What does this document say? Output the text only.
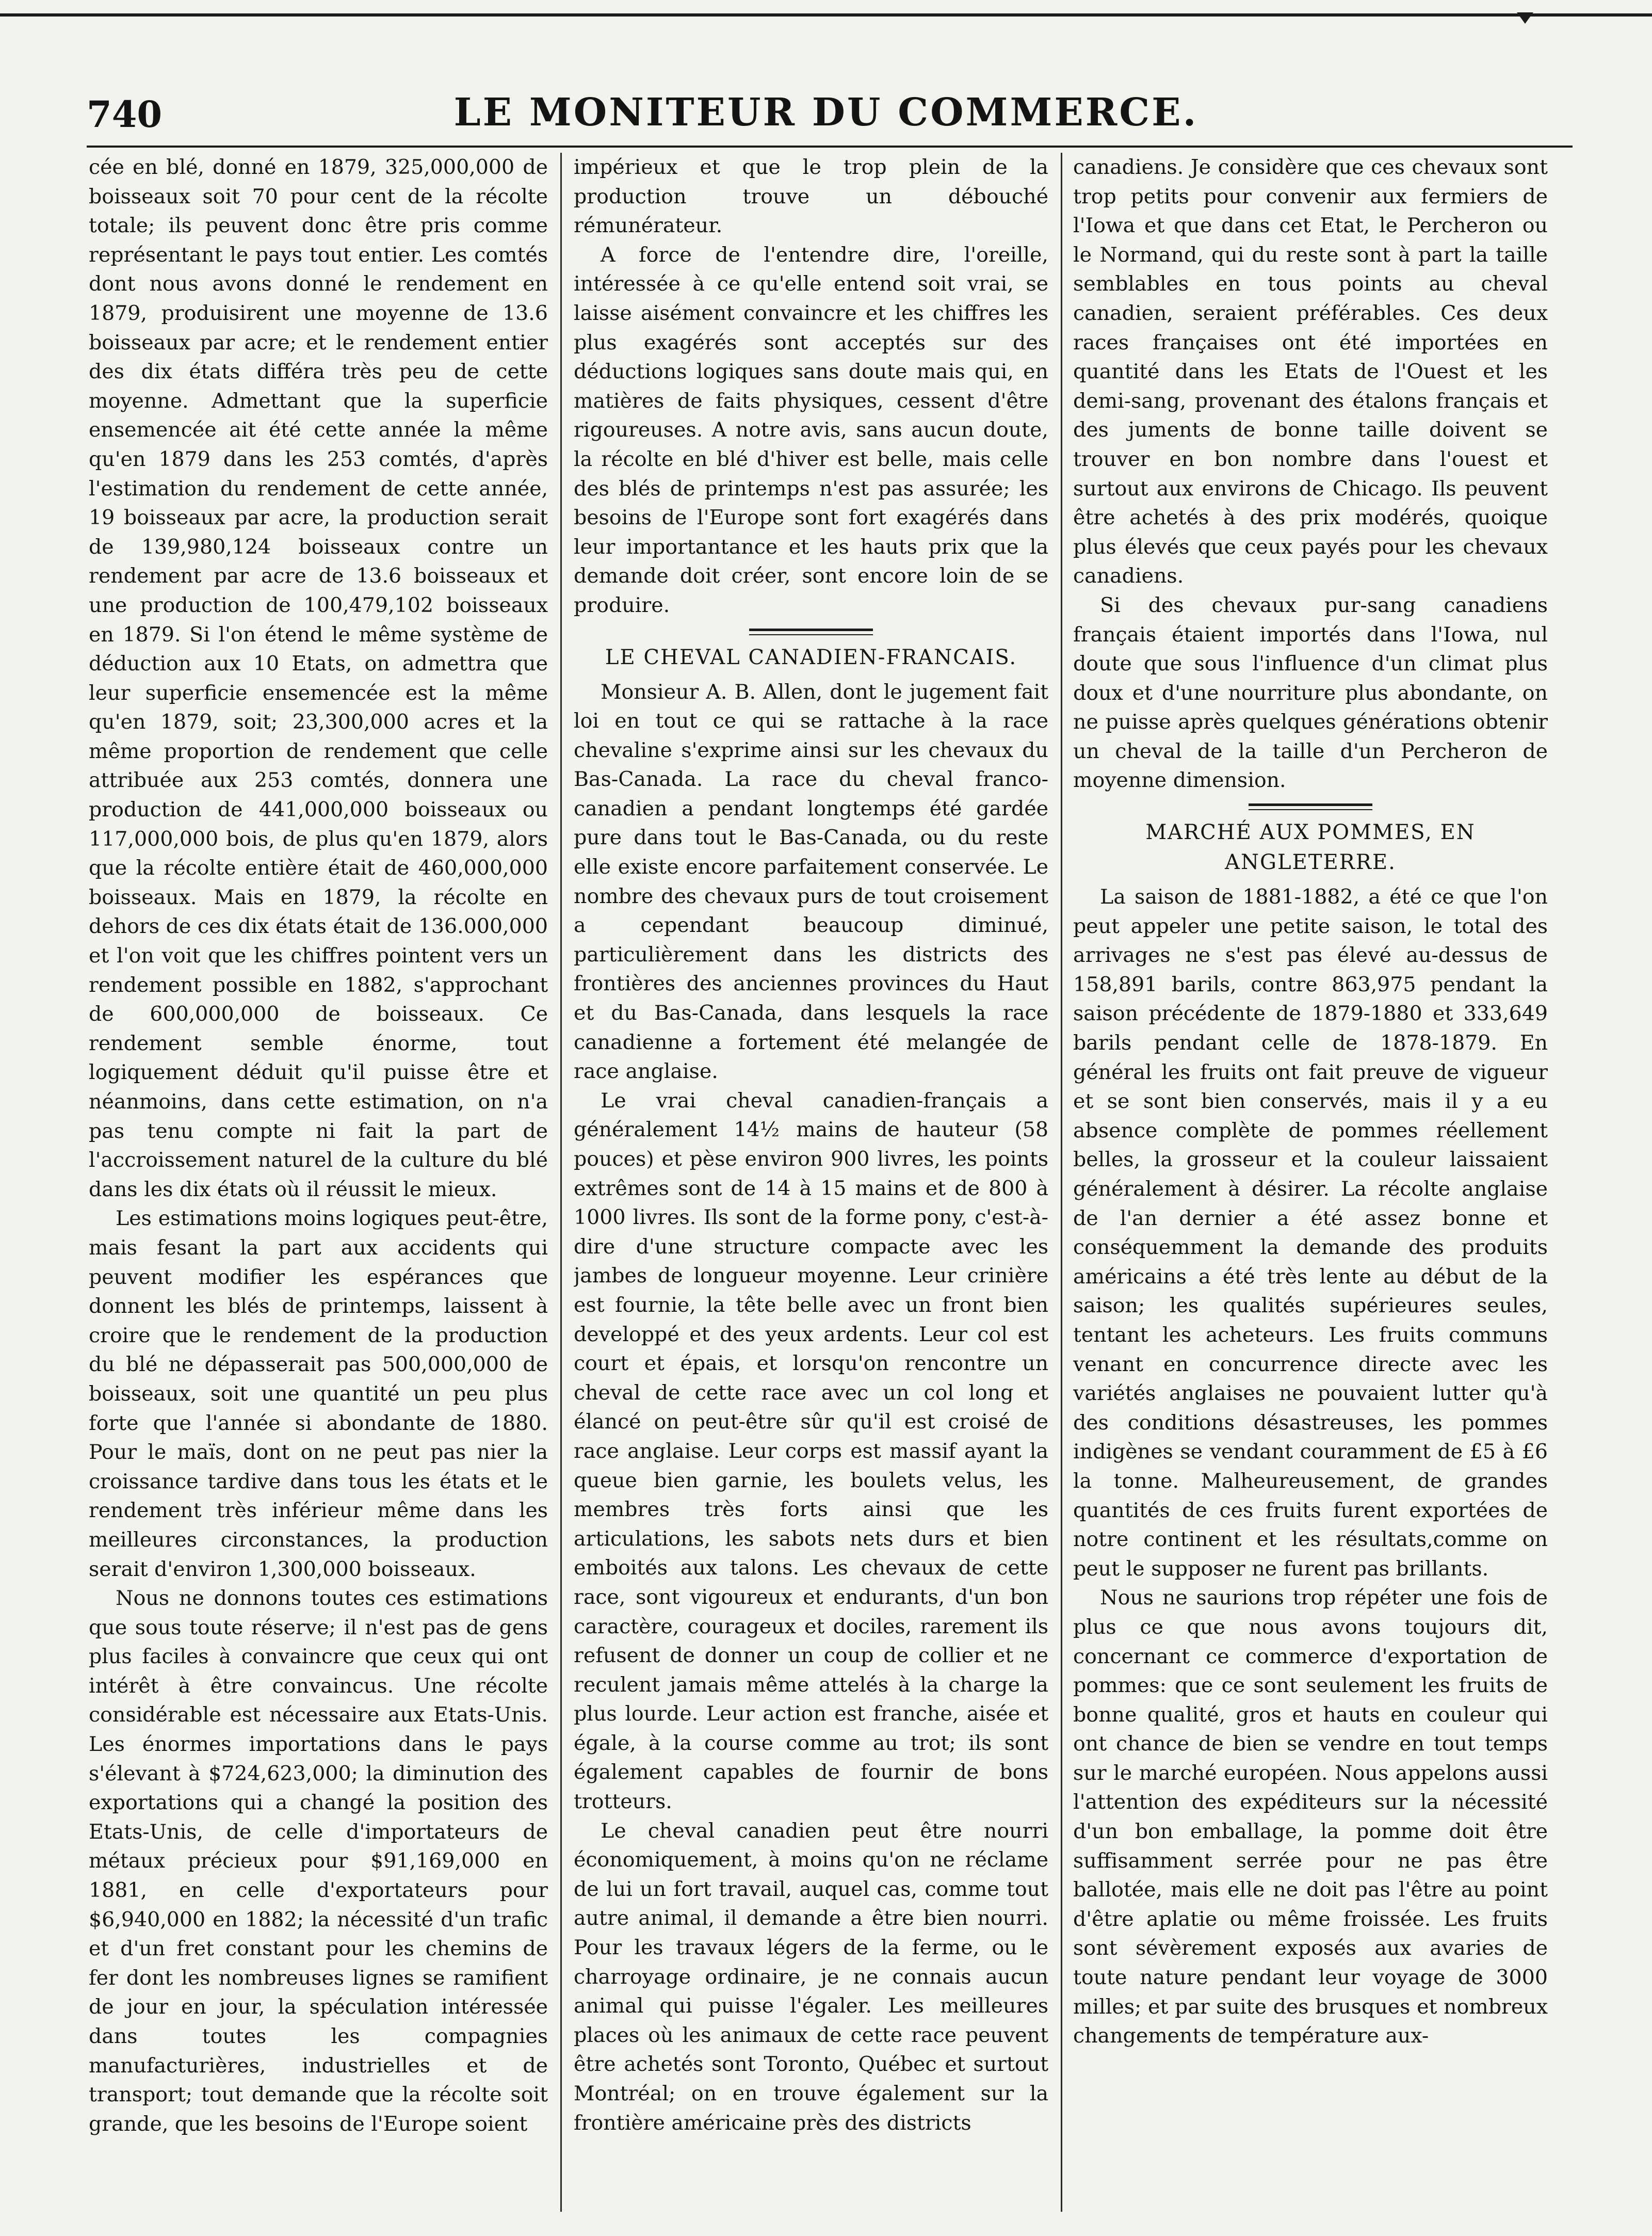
740	LE MONITEUR DU COMMERCE.

cée en blé, donné en 1879, 325,000,000 de boisseaux soit 70 pour cent de la récolte totale; ils peuvent donc être pris comme représentant le pays tout entier. Les comtés dont nous avons donné le rendement en 1879, produisirent une moyenne de 13.6 boisseaux par acre; et le rendement entier des dix états différa très peu de cette moyenne. Admettant que la superficie ensemencée ait été cette année la même qu'en 1879 dans les 253 comtés, d'après l'estimation du rendement de cette année, 19 boisseaux par acre, la production serait de 139,980,124 boisseaux contre un rendement par acre de 13.6 boisseaux et une production de 100,479,102 boisseaux en 1879. Si l'on étend le même système de déduction aux 10 Etats, on admettra que leur superficie ensemencée est la même qu'en 1879, soit; 23,300,000 acres et la même proportion de rendement que celle attribuée aux 253 comtés, donnera une production de 441,000,000 boisseaux ou 117,000,000 bois, de plus qu'en 1879, alors que la récolte entière était de 460,000,000 boisseaux. Mais en 1879, la récolte en dehors de ces dix états était de 136.000,000 et l'on voit que les chiffres pointent vers un rendement possible en 1882, s'approchant de 600,000,000 de boisseaux. Ce rendement semble énorme, tout logiquement déduit qu'il puisse être et néanmoins, dans cette estimation, on n'a pas tenu compte ni fait la part de l'accroissement naturel de la culture du blé dans les dix états où il réussit le mieux.

Les estimations moins logiques peut-être, mais fesant la part aux accidents qui peuvent modifier les espérances que donnent les blés de printemps, laissent à croire que le rendement de la production du blé ne dépasserait pas 500,000,000 de boisseaux, soit une quantité un peu plus forte que l'année si abondante de 1880. Pour le maïs, dont on ne peut pas nier la croissance tardive dans tous les états et le rendement très inférieur même dans les meilleures circonstances, la production serait d'environ 1,300,000 boisseaux.

Nous ne donnons toutes ces estimations que sous toute réserve; il n'est pas de gens plus faciles à convaincre que ceux qui ont intérêt à être convaincus. Une récolte considérable est nécessaire aux Etats-Unis. Les énormes importations dans le pays s'élevant à $724,623,000; la diminution des exportations qui a changé la position des Etats-Unis, de celle d'importateurs de métaux précieux pour $91,169,000 en 1881, en celle d'exportateurs pour $6,940,000 en 1882; la nécessité d'un trafic et d'un fret constant pour les chemins de fer dont les nombreuses lignes se ramifient de jour en jour, la spéculation intéressée dans toutes les compagnies manufacturières, industrielles et de transport; tout demande que la récolte soit grande, que les besoins de l'Europe soient

impérieux et que le trop plein de la production trouve un débouché rémunérateur.

A force de l'entendre dire, l'oreille, intéressée à ce qu'elle entend soit vrai, se laisse aisément convaincre et les chiffres les plus exagérés sont acceptés sur des déductions logiques sans doute mais qui, en matières de faits physiques, cessent d'être rigoureuses. A notre avis, sans aucun doute, la récolte en blé d'hiver est belle, mais celle des blés de printemps n'est pas assurée; les besoins de l'Europe sont fort exagérés dans leur importantance et les hauts prix que la demande doit créer, sont encore loin de se produire.

LE CHEVAL CANADIEN-FRANCAIS.

Monsieur A. B. Allen, dont le jugement fait loi en tout ce qui se rattache à la race chevaline s'exprime ainsi sur les chevaux du Bas-Canada. La race du cheval franco-canadien a pendant longtemps été gardée pure dans tout le Bas-Canada, ou du reste elle existe encore parfaitement conservée. Le nombre des chevaux purs de tout croisement a cependant beaucoup diminué, particulièrement dans les districts des frontières des anciennes provinces du Haut et du Bas-Canada, dans lesquels la race canadienne a fortement été melangée de race anglaise.

Le vrai cheval canadien-français a généralement 14½ mains de hauteur (58 pouces) et pèse environ 900 livres, les points extrêmes sont de 14 à 15 mains et de 800 à 1000 livres. Ils sont de la forme pony, c'est-à-dire d'une structure compacte avec les jambes de longueur moyenne. Leur crinière est fournie, la tête belle avec un front bien developpé et des yeux ardents. Leur col est court et épais, et lorsqu'on rencontre un cheval de cette race avec un col long et élancé on peut-être sûr qu'il est croisé de race anglaise. Leur corps est massif ayant la queue bien garnie, les boulets velus, les membres très forts ainsi que les articulations, les sabots nets durs et bien emboités aux talons. Les chevaux de cette race, sont vigoureux et endurants, d'un bon caractère, courageux et dociles, rarement ils refusent de donner un coup de collier et ne reculent jamais même attelés à la charge la plus lourde. Leur action est franche, aisée et égale, à la course comme au trot; ils sont également capables de fournir de bons trotteurs.

Le cheval canadien peut être nourri économiquement, à moins qu'on ne réclame de lui un fort travail, auquel cas, comme tout autre animal, il demande a être bien nourri. Pour les travaux légers de la ferme, ou le charroyage ordinaire, je ne connais aucun animal qui puisse l'égaler. Les meilleures places où les animaux de cette race peuvent être achetés sont Toronto, Québec et surtout Montréal; on en trouve également sur la frontière américaine près des districts

canadiens. Je considère que ces chevaux sont trop petits pour convenir aux fermiers de l'Iowa et que dans cet Etat, le Percheron ou le Normand, qui du reste sont à part la taille semblables en tous points au cheval canadien, seraient préférables. Ces deux races françaises ont été importées en quantité dans les Etats de l'Ouest et les demi-sang, provenant des étalons français et des juments de bonne taille doivent se trouver en bon nombre dans l'ouest et surtout aux environs de Chicago. Ils peuvent être achetés à des prix modérés, quoique plus élevés que ceux payés pour les chevaux canadiens.

Si des chevaux pur-sang canadiens français étaient importés dans l'Iowa, nul doute que sous l'influence d'un climat plus doux et d'une nourriture plus abondante, on ne puisse après quelques générations obtenir un cheval de la taille d'un Percheron de moyenne dimension.

MARCHÉ AUX POMMES, EN ANGLETERRE.

La saison de 1881-1882, a été ce que l'on peut appeler une petite saison, le total des arrivages ne s'est pas élevé au-dessus de 158,891 barils, contre 863,975 pendant la saison précédente de 1879-1880 et 333,649 barils pendant celle de 1878-1879. En général les fruits ont fait preuve de vigueur et se sont bien conservés, mais il y a eu absence complète de pommes réellement belles, la grosseur et la couleur laissaient généralement à désirer. La récolte anglaise de l'an dernier a été assez bonne et conséquemment la demande des produits américains a été très lente au début de la saison; les qualités supérieures seules, tentant les acheteurs. Les fruits communs venant en concurrence directe avec les variétés anglaises ne pouvaient lutter qu'à des conditions désastreuses, les pommes indigènes se vendant couramment de £5 à £6 la tonne. Malheureusement, de grandes quantités de ces fruits furent exportées de notre continent et les résultats,comme on peut le supposer ne furent pas brillants.

Nous ne saurions trop répéter une fois de plus ce que nous avons toujours dit, concernant ce commerce d'exportation de pommes: que ce sont seulement les fruits de bonne qualité, gros et hauts en couleur qui ont chance de bien se vendre en tout temps sur le marché européen. Nous appelons aussi l'attention des expéditeurs sur la nécessité d'un bon emballage, la pomme doit être suffisamment serrée pour ne pas être ballotée, mais elle ne doit pas l'être au point d'être aplatie ou même froissée. Les fruits sont sévèrement exposés aux avaries de toute nature pendant leur voyage de 3000 milles; et par suite des brusques et nombreux changements de température aux-
